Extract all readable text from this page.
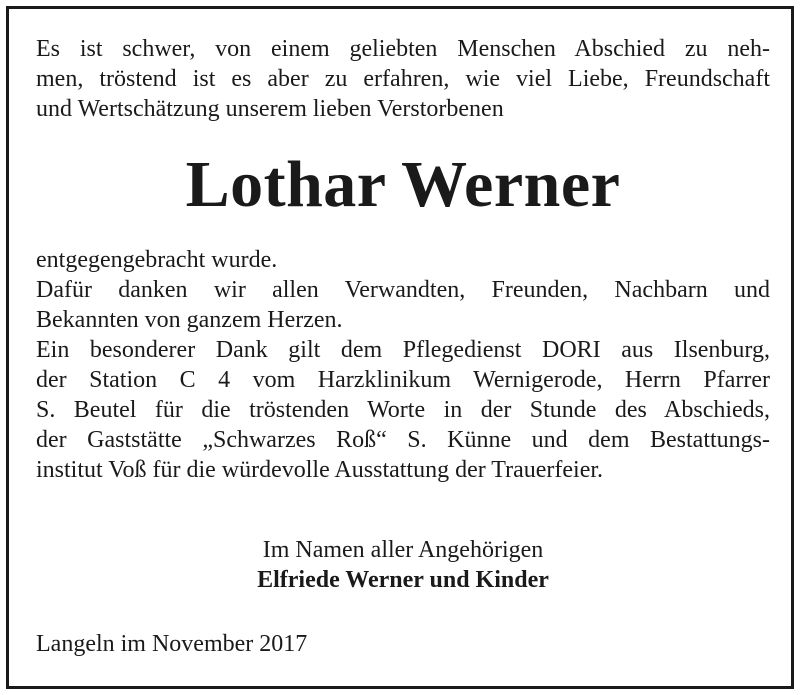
Es ist schwer, von einem geliebten Menschen Abschied zu neh-
men, tröstend ist es aber zu erfahren, wie viel Liebe, Freundschaft
und Wertschätzung unserem lieben Verstorbenen
Lothar Werner
entgegengebracht wurde.
Dafür danken wir allen Verwandten, Freunden, Nachbarn und
Bekannten von ganzem Herzen.
Ein besonderer Dank gilt dem Pflegedienst DORI aus Ilsenburg,
der Station C 4 vom Harzklinikum Wernigerode, Herrn Pfarrer
S. Beutel für die tröstenden Worte in der Stunde des Abschieds,
der Gaststätte „Schwarzes Roß“ S. Künne und dem Bestattungs-
institut Voß für die würdevolle Ausstattung der Trauerfeier.
Im Namen aller Angehörigen
Elfriede Werner und Kinder
Langeln im November 2017
